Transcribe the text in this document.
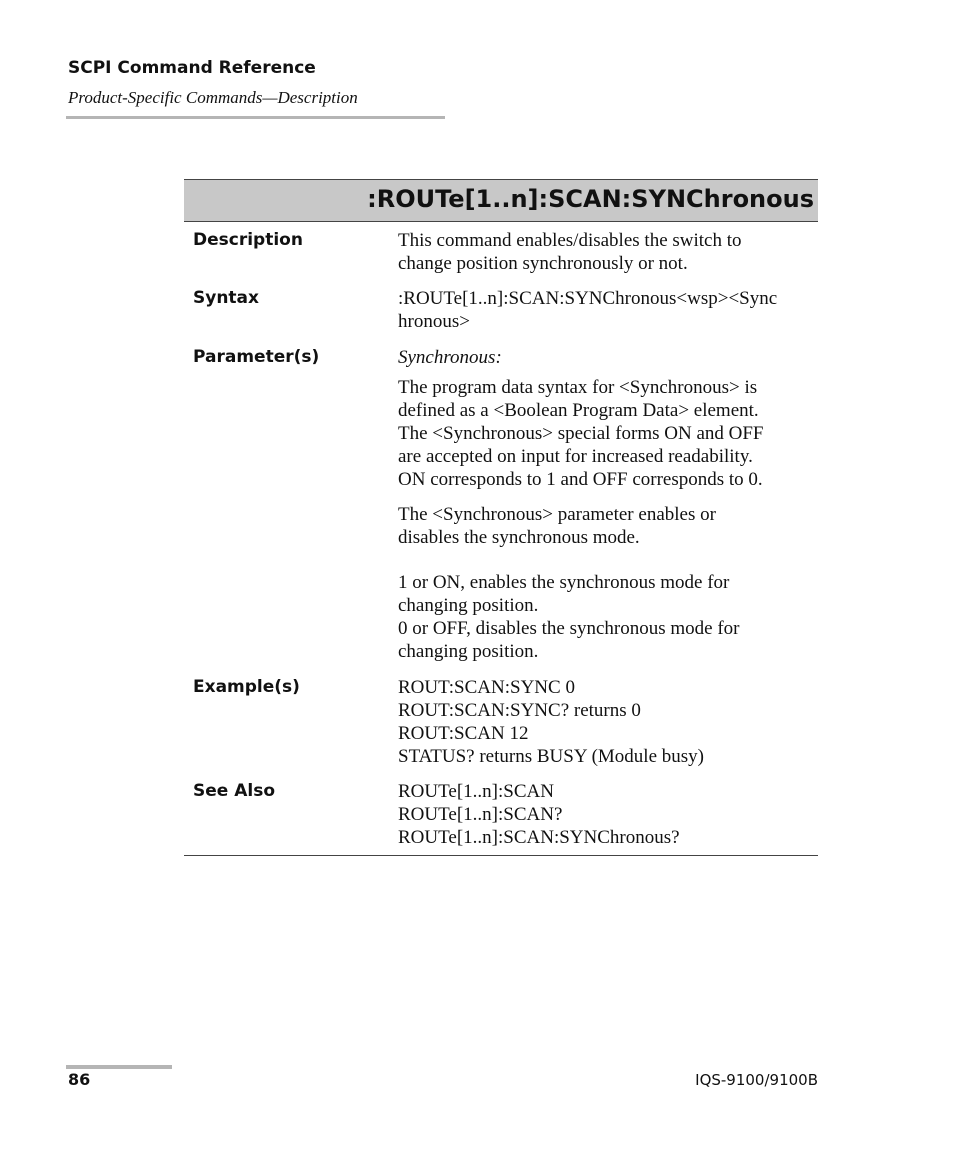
SCPI Command Reference
Product-Specific Commands—Description
:ROUTe[1..n]:SCAN:SYNChronous
Description	This command enables/disables the switch to
change position synchronously or not.
Syntax	:ROUTe[1..n]:SCAN:SYNChronous<wsp><Sync
hronous>
Parameter(s)	Synchronous:
The program data syntax for <Synchronous> is
defined as a <Boolean Program Data> element.
The <Synchronous> special forms ON and OFF
are accepted on input for increased readability.
ON corresponds to 1 and OFF corresponds to 0.
The <Synchronous> parameter enables or
disables the synchronous mode.
1 or ON, enables the synchronous mode for
changing position.
0 or OFF, disables the synchronous mode for
changing position.
Example(s)	ROUT:SCAN:SYNC 0
ROUT:SCAN:SYNC? returns 0
ROUT:SCAN 12
STATUS? returns BUSY (Module busy)
See Also	ROUTe[1..n]:SCAN
ROUTe[1..n]:SCAN?
ROUTe[1..n]:SCAN:SYNChronous?
86	IQS-9100/9100B
